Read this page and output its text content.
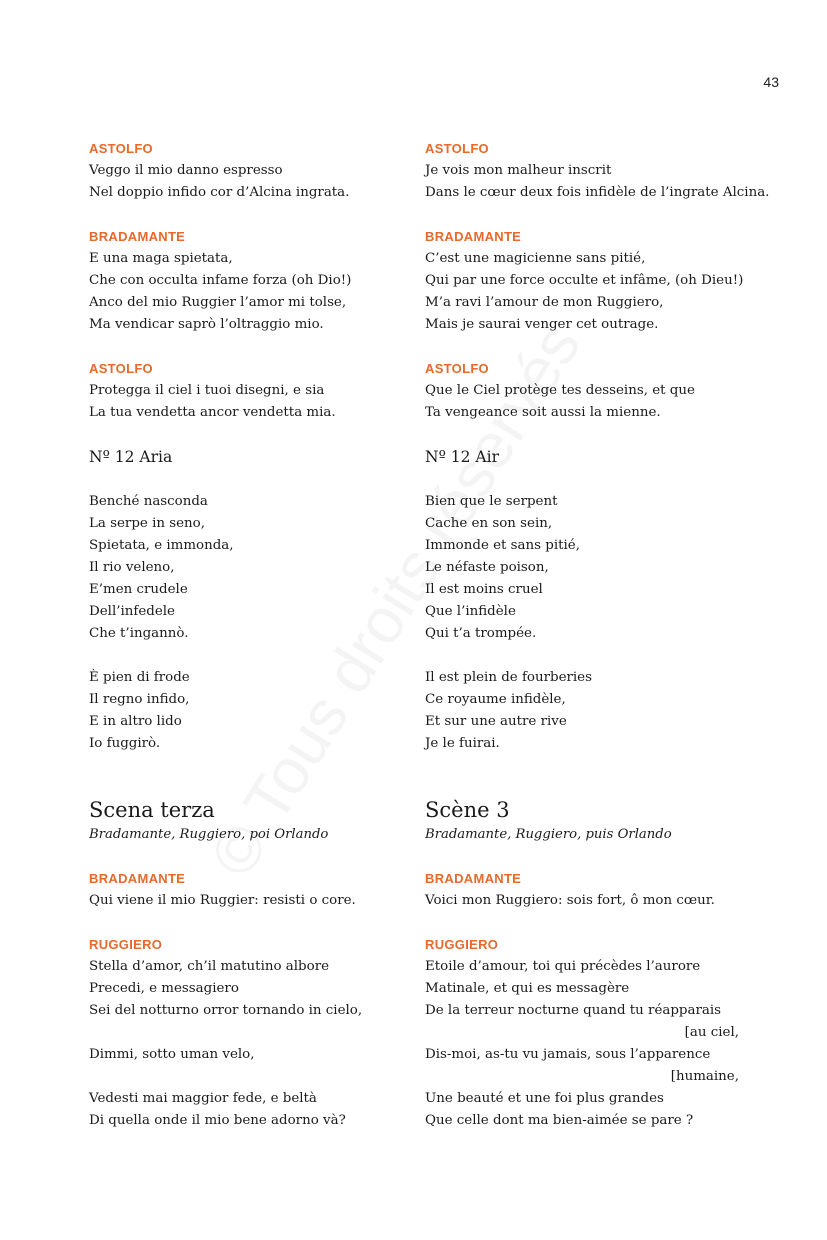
43
ASTOLFO
Veggo il mio danno espresso
Nel doppio infido cor d’Alcina ingrata.
BRADAMANTE
E una maga spietata,
Che con occulta infame forza (oh Dio!)
Anco del mio Ruggier l’amor mi tolse,
Ma vendicar saprò l’oltraggio mio.
ASTOLFO
Protegga il ciel i tuoi disegni, e sia
La tua vendetta ancor vendetta mia.
Nº 12 Aria
Benché nasconda
La serpe in seno,
Spietata, e immonda,
Il rio veleno,
E’men crudele
Dell’infedele
Che t’ingannò.
È pien di frode
Il regno infido,
E in altro lido
Io fuggirò.
Scena terza
Bradamante, Ruggiero, poi Orlando
BRADAMANTE
Qui viene il mio Ruggier: resisti o core.
RUGGIERO
Stella d’amor, ch’il matutino albore
Precedi, e messagiero
Sei del notturno orror tornando in cielo,
Dimmi, sotto uman velo,
Vedesti mai maggior fede, e beltà
Di quella onde il mio bene adorno và?
ASTOLFO
Je vois mon malheur inscrit
Dans le cœur deux fois infidèle de l’ingrate Alcina.
BRADAMANTE
C’est une magicienne sans pitié,
Qui par une force occulte et infâme, (oh Dieu!)
M’a ravi l’amour de mon Ruggiero,
Mais je saurai venger cet outrage.
ASTOLFO
Que le Ciel protège tes desseins, et que
Ta vengeance soit aussi la mienne.
Nº 12 Air
Bien que le serpent
Cache en son sein,
Immonde et sans pitié,
Le néfaste poison,
Il est moins cruel
Que l’infidèle
Qui t’a trompée.
Il est plein de fourberies
Ce royaume infidèle,
Et sur une autre rive
Je le fuirai.
Scène 3
Bradamante, Ruggiero, puis Orlando
BRADAMANTE
Voici mon Ruggiero: sois fort, ô mon cœur.
RUGGIERO
Etoile d’amour, toi qui précèdes l’aurore
Matinale, et qui es messagère
De la terreur nocturne quand tu réapparais
[au ciel,
Dis-moi, as-tu vu jamais, sous l’apparence
[humaine,
Une beauté et une foi plus grandes
Que celle dont ma bien-aimée se pare ?
